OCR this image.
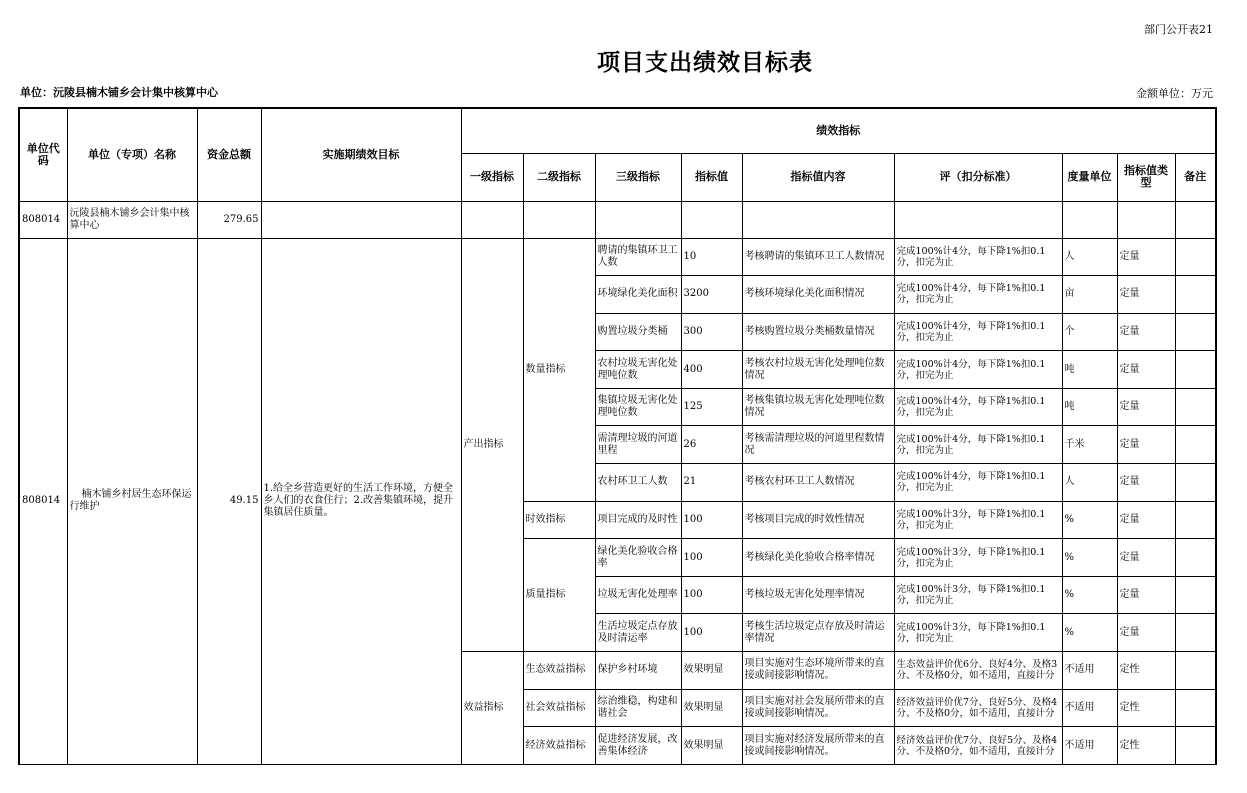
部门公开表21
项目支出绩效目标表
单位：沅陵县楠木铺乡会计集中核算中心	金额单位：万元
单位代码	单位（专项）名称	资金总额	实施期绩效目标	绩效指标								
				一级指标	二级指标	三级指标	指标值	指标值内容	评（扣分标准）	度量单位	指标值类型	备注
808014	沅陵县楠木铺乡会计集中核算中心	279.65										
808014	楠木铺乡村居生态环保运行维护	49.15	1.给全乡营造更好的生活工作环境，方便全乡人们的衣食住行；2.改善集镇环境，提升集镇居住质量。	产出指标	数量指标	聘请的集镇环卫工人数	10	考核聘请的集镇环卫工人数情况	完成100%计4分，每下降1%扣0.1分，扣完为止	人	定量	
						环境绿化美化面积	3200	考核环境绿化美化面积情况	完成100%计4分，每下降1%扣0.1分，扣完为止	亩	定量	
						购置垃圾分类桶	300	考核购置垃圾分类桶数量情况	完成100%计4分，每下降1%扣0.1分，扣完为止	个	定量	
						农村垃圾无害化处理吨位数	400	考核农村垃圾无害化处理吨位数情况	完成100%计4分，每下降1%扣0.1分，扣完为止	吨	定量	
						集镇垃圾无害化处理吨位数	125	考核集镇垃圾无害化处理吨位数情况	完成100%计4分，每下降1%扣0.1分，扣完为止	吨	定量	
						需清理垃圾的河道里程	26	考核需清理垃圾的河道里程数情况	完成100%计4分，每下降1%扣0.1分，扣完为止	千米	定量	
						农村环卫工人数	21	考核农村环卫工人数情况	完成100%计4分，每下降1%扣0.1分，扣完为止	人	定量	
					时效指标	项目完成的及时性	100	考核项目完成的时效性情况	完成100%计3分，每下降1%扣0.1分，扣完为止	%	定量	
					质量指标	绿化美化验收合格率	100	考核绿化美化验收合格率情况	完成100%计3分，每下降1%扣0.1分，扣完为止	%	定量	
						垃圾无害化处理率	100	考核垃圾无害化处理率情况	完成100%计3分，每下降1%扣0.1分，扣完为止	%	定量	
						生活垃圾定点存放及时清运率	100	考核生活垃圾定点存放及时清运率情况	完成100%计3分，每下降1%扣0.1分，扣完为止	%	定量	
				效益指标	生态效益指标	保护乡村环境	效果明显	项目实施对生态环境所带来的直接或间接影响情况。	生态效益评价优6分、良好4分、及格3分、不及格0分，如不适用，直接计分	不适用	定性	
					社会效益指标	综治维稳，构建和谐社会	效果明显	项目实施对社会发展所带来的直接或间接影响情况。	经济效益评价优7分、良好5分、及格4分、不及格0分，如不适用，直接计分	不适用	定性	
					经济效益指标	促进经济发展，改善集体经济	效果明显	项目实施对经济发展所带来的直接或间接影响情况。	经济效益评价优7分、良好5分、及格4分、不及格0分，如不适用，直接计分	不适用	定性	
